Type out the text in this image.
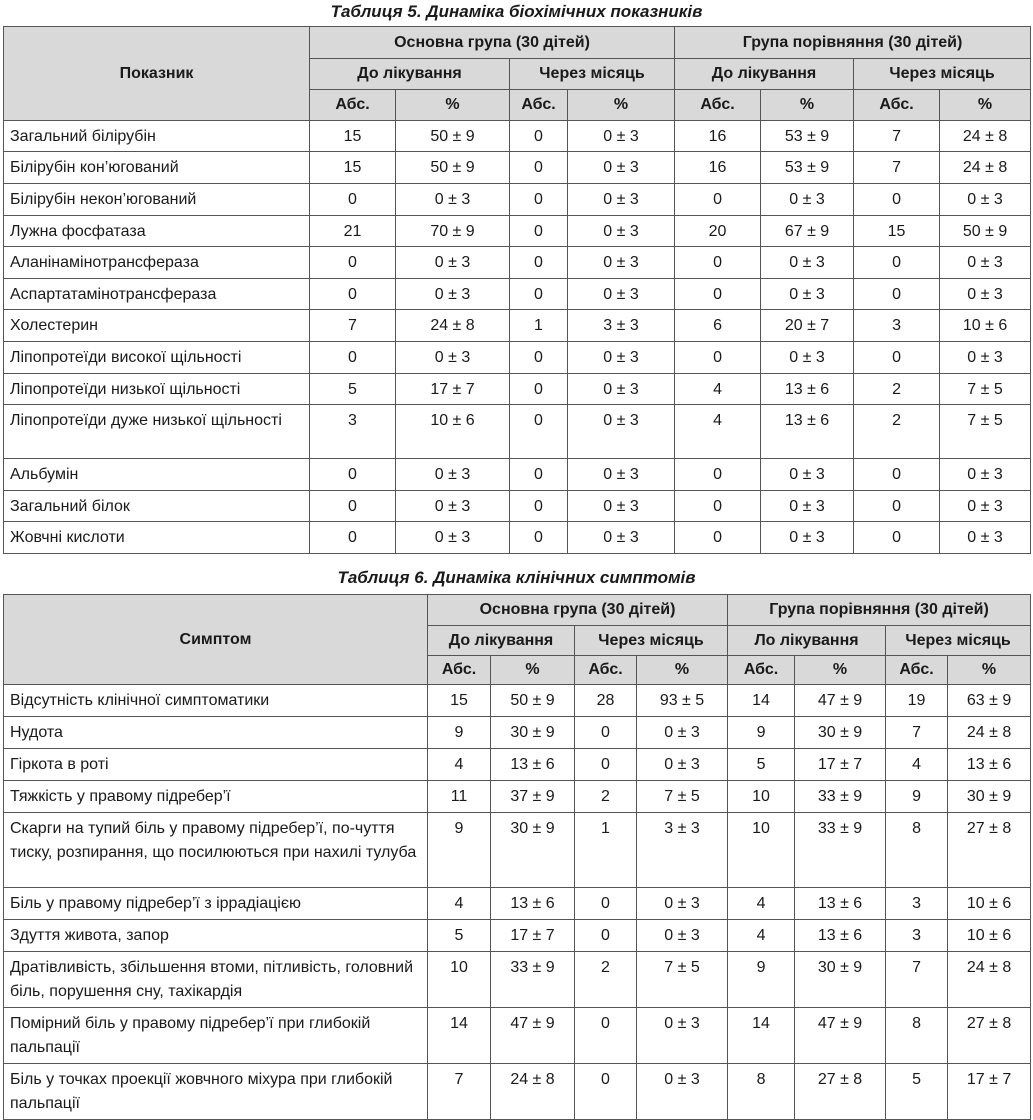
Таблиця 5. Динаміка біохімічних показників
Показник	Основна група (30 дітей)				Група порівняння (30 дітей)			
	До лікування		Через місяць		До лікування		Через місяць	
	Абс.	%	Абс.	%	Абс.	%	Абс.	%
Загальний білірубін	15	50 ± 9	0	0 ± 3	16	53 ± 9	7	24 ± 8
Білірубін кон’югований	15	50 ± 9	0	0 ± 3	16	53 ± 9	7	24 ± 8
Білірубін некон’югований	0	0 ± 3	0	0 ± 3	0	0 ± 3	0	0 ± 3
Лужна фосфатаза	21	70 ± 9	0	0 ± 3	20	67 ± 9	15	50 ± 9
Аланінамінотрансфераза	0	0 ± 3	0	0 ± 3	0	0 ± 3	0	0 ± 3
Аспартатамінотрансфераза	0	0 ± 3	0	0 ± 3	0	0 ± 3	0	0 ± 3
Холестерин	7	24 ± 8	1	3 ± 3	6	20 ± 7	3	10 ± 6
Ліпопротеїди високої щільності	0	0 ± 3	0	0 ± 3	0	0 ± 3	0	0 ± 3
Ліпопротеїди низької щільності	5	17 ± 7	0	0 ± 3	4	13 ± 6	2	7 ± 5
Ліпопротеїди дуже низької щільності	3	10 ± 6	0	0 ± 3	4	13 ± 6	2	7 ± 5
Альбумін	0	0 ± 3	0	0 ± 3	0	0 ± 3	0	0 ± 3
Загальний білок	0	0 ± 3	0	0 ± 3	0	0 ± 3	0	0 ± 3
Жовчні кислоти	0	0 ± 3	0	0 ± 3	0	0 ± 3	0	0 ± 3
Таблиця 6. Динаміка клінічних симптомів
Симптом	Основна група (30 дітей)				Група порівняння (30 дітей)			
	До лікування		Через місяць		Ло лікування		Через місяць	
	Абс.	%	Абс.	%	Абс.	%	Абс.	%
Відсутність клінічної симптоматики	15	50 ± 9	28	93 ± 5	14	47 ± 9	19	63 ± 9
Нудота	9	30 ± 9	0	0 ± 3	9	30 ± 9	7	24 ± 8
Гіркота в роті	4	13 ± 6	0	0 ± 3	5	17 ± 7	4	13 ± 6
Тяжкість у правому підребер’ї	11	37 ± 9	2	7 ± 5	10	33 ± 9	9	30 ± 9
Скарги на тупий біль у правому підребер’ї, по-чуття тиску, розпирання, що посилюються при нахилі тулуба	9	30 ± 9	1	3 ± 3	10	33 ± 9	8	27 ± 8
Біль у правому підребер’ї з іррадіацією	4	13 ± 6	0	0 ± 3	4	13 ± 6	3	10 ± 6
Здуття живота, запор	5	17 ± 7	0	0 ± 3	4	13 ± 6	3	10 ± 6
Дратівливість, збільшення втоми, пітливість, головний біль, порушення сну, тахікардія	10	33 ± 9	2	7 ± 5	9	30 ± 9	7	24 ± 8
Помірний біль у правому підребер’ї при глибокій пальпації	14	47 ± 9	0	0 ± 3	14	47 ± 9	8	27 ± 8
Біль у точках проекції жовчного міхура при глибокій пальпації	7	24 ± 8	0	0 ± 3	8	27 ± 8	5	17 ± 7
